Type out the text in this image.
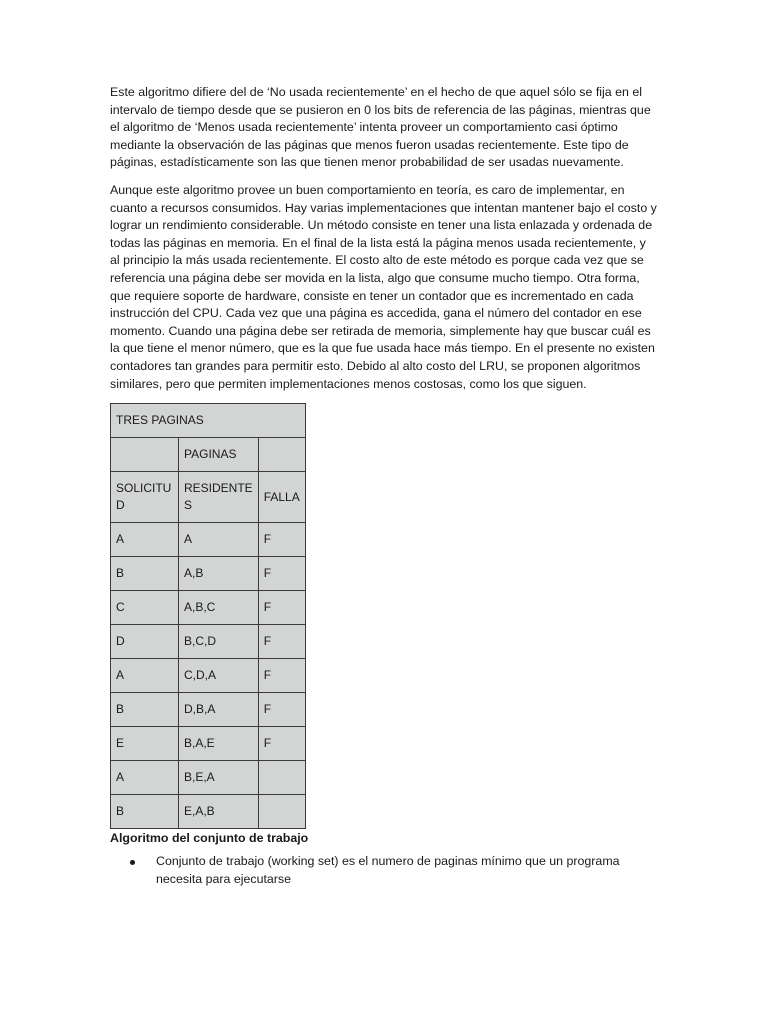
Este algoritmo difiere del de ‘No usada recientemente’ en el hecho de que aquel sólo se fija en el intervalo de tiempo desde que se pusieron en 0 los bits de referencia de las páginas, mientras que el algoritmo de ‘Menos usada recientemente’ intenta proveer un comportamiento casi óptimo mediante la observación de las páginas que menos fueron usadas recientemente. Este tipo de páginas, estadísticamente son las que tienen menor probabilidad de ser usadas nuevamente.

Aunque este algoritmo provee un buen comportamiento en teoría, es caro de implementar, en cuanto a recursos consumidos. Hay varias implementaciones que intentan mantener bajo el costo y lograr un rendimiento considerable. Un método consiste en tener una lista enlazada y ordenada de todas las páginas en memoria. En el final de la lista está la página menos usada recientemente, y al principio la más usada recientemente. El costo alto de este método es porque cada vez que se referencia una página debe ser movida en la lista, algo que consume mucho tiempo. Otra forma, que requiere soporte de hardware, consiste en tener un contador que es incrementado en cada instrucción del CPU. Cada vez que una página es accedida, gana el número del contador en ese momento. Cuando una página debe ser retirada de memoria, simplemente hay que buscar cuál es la que tiene el menor número, que es la que fue usada hace más tiempo. En el presente no existen contadores tan grandes para permitir esto. Debido al alto costo del LRU, se proponen algoritmos similares, pero que permiten implementaciones menos costosas, como los que siguen.

TRES PAGINAS		
	PAGINAS	
SOLICITU D	RESIDENTE S	FALLA
A	A	F
B	A,B	F
C	A,B,C	F
D	B,C,D	F
A	C,D,A	F
B	D,B,A	F
E	B,A,E	F
A	B,E,A	
B	E,A,B	
Algoritmo del conjunto de trabajo
Conjunto de trabajo (working set) es el numero de paginas mínimo que un programa necesita para ejecutarse
